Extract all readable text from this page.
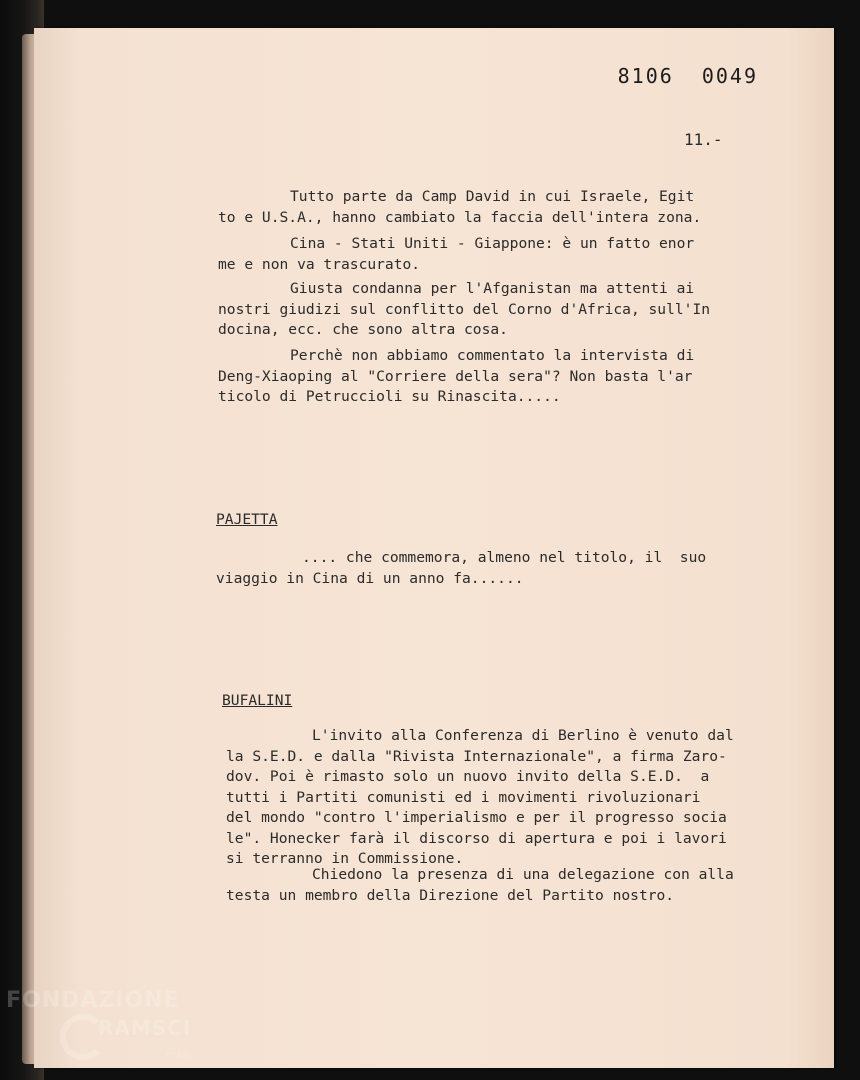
8106 0049
11.-
Tutto parte da Camp David in cui Israele, Egit
to e U.S.A., hanno cambiato la faccia dell'intera zona.
Cina - Stati Uniti - Giappone: è un fatto enor
me e non va trascurato.
Giusta condanna per l'Afganistan ma attenti ai
nostri giudizi sul conflitto del Corno d'Africa, sull'In
docina, ecc. che sono altra cosa.
Perchè non abbiamo commentato la intervista di
Deng-Xiaoping al "Corriere della sera"? Non basta l'ar
ticolo di Petruccioli su Rinascita.....
PAJETTA
.... che commemora, almeno nel titolo, il  suo
viaggio in Cina di un anno fa......
BUFALINI
L'invito alla Conferenza di Berlino è venuto dal
la S.E.D. e dalla "Rivista Internazionale", a firma Zaro-
dov. Poi è rimasto solo un nuovo invito della S.E.D.  a
tutti i Partiti comunisti ed i movimenti rivoluzionari
del mondo "contro l'imperialismo e per il progresso socia
le". Honecker farà il discorso di apertura e poi i lavori
si terranno in Commissione.
Chiedono la presenza di una delegazione con alla
testa un membro della Direzione del Partito nostro.
FONDAZIONE
RAMSCI
onlus
